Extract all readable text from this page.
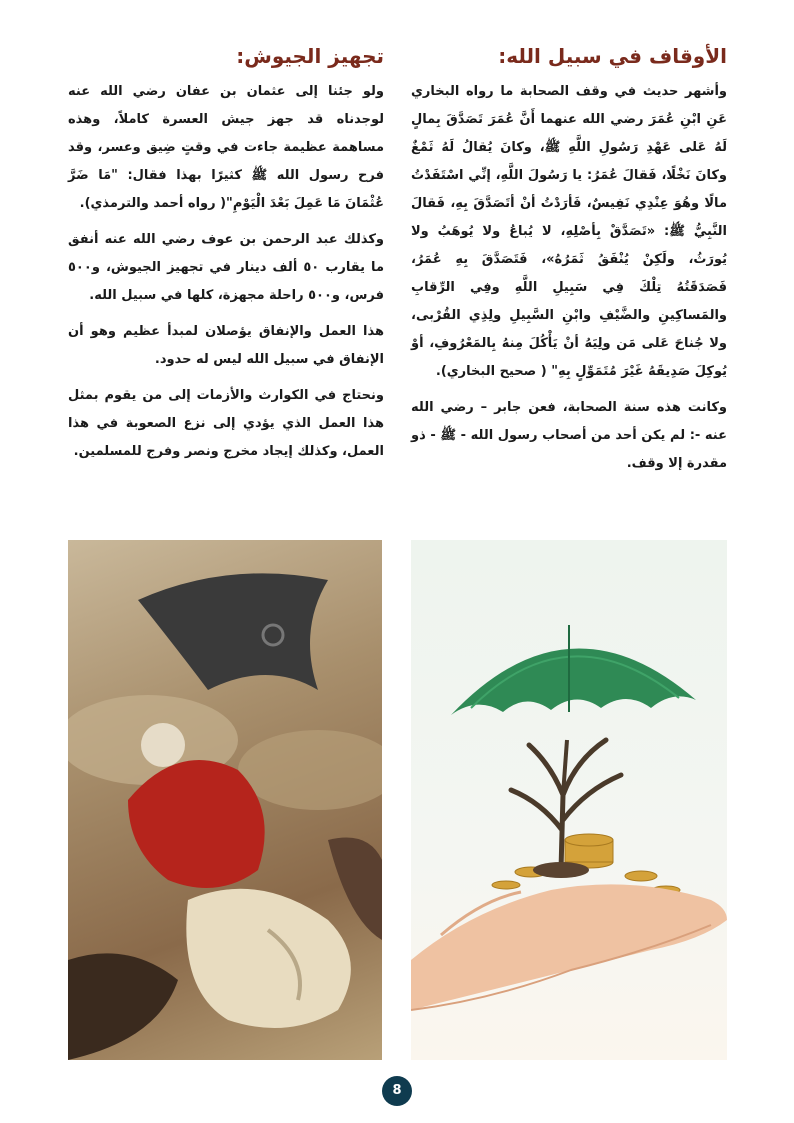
الأوقاف في سبيل الله:

وأشهر حديث في وقف الصحابة ما رواه البخاري عَنِ ابْنِ عُمَرَ رضي الله عنهما أَنَّ عُمَرَ تَصَدَّقَ بِمالٍ لَهُ عَلى عَهْدِ رَسُولِ اللَّهِ ﷺ، وكانَ يُقالُ لَهُ ثَمْغٌ وكانَ نَخْلًا، فَقالَ عُمَرُ: يا رَسُولَ اللَّهِ، إنِّي اسْتَفَدْتُ مالًا وهُوَ عِنْدِي نَفِيسٌ، فَأرَدْتُ أنْ أتَصَدَّقَ بِهِ، فَقالَ النَّبِيُّ ﷺ: «تَصَدَّقْ بِأصْلِهِ، لا يُباعُ ولا يُوهَبُ ولا يُورَثُ، ولَكِنْ يُنْفَقُ ثَمَرُهُ»، فَتَصَدَّقَ بِهِ عُمَرُ، فَصَدَقَتُهُ تِلْكَ فِي سَبِيلِ اللَّهِ وفِي الرِّقابِ والمَساكِينِ والضَّيْفِ وابْنِ السَّبِيلِ ولِذِي القُرْبى، ولا جُناحَ عَلى مَن ولِيَهُ أنْ يَأْكُلَ مِنهُ بِالمَعْرُوفِ، أوْ يُوكِلَ صَدِيقَهُ غَيْرَ مُتَمَوِّلٍ بِهِ" ( صحيح البخاري).

وكانت هذه سنة الصحابة، فعن جابر – رضي الله عنه -: لم يكن أحد من أصحاب رسول الله - ﷺ - ذو مقدرة إلا وقف.

تجهيز الجيوش:

ولو جئنا إلى عثمان بن عفان رضي الله عنه لوجدناه قد جهز جيش العسرة كاملاً، وهذه مساهمة عظيمة جاءت في وقتٍ ضِيق وعسر، وقد فرح رسول الله ﷺ كثيرًا بهذا فقال: "مَا ضَرَّ عُثْمَانَ مَا عَمِلَ بَعْدَ الْيَوْمِ"( رواه أحمد والترمذي).

وكذلك عبد الرحمن بن عوف رضي الله عنه أنفق ما يقارب ٥٠ ألف دينار في تجهيز الجيوش، و٥٠٠ فرس، و٥٠٠ راحلة مجهزة، كلها في سبيل الله.

هذا العمل والإنفاق يؤصلان لمبدأ عظيم وهو أن الإنفاق في سبيل الله ليس له حدود.

ونحتاج في الكوارث والأزمات إلى من يقوم بمثل هذا العمل الذي يؤدي إلى نزع الصعوبة في هذا العمل، وكذلك إيجاد مخرج ونصر وفرج للمسلمين.

8
